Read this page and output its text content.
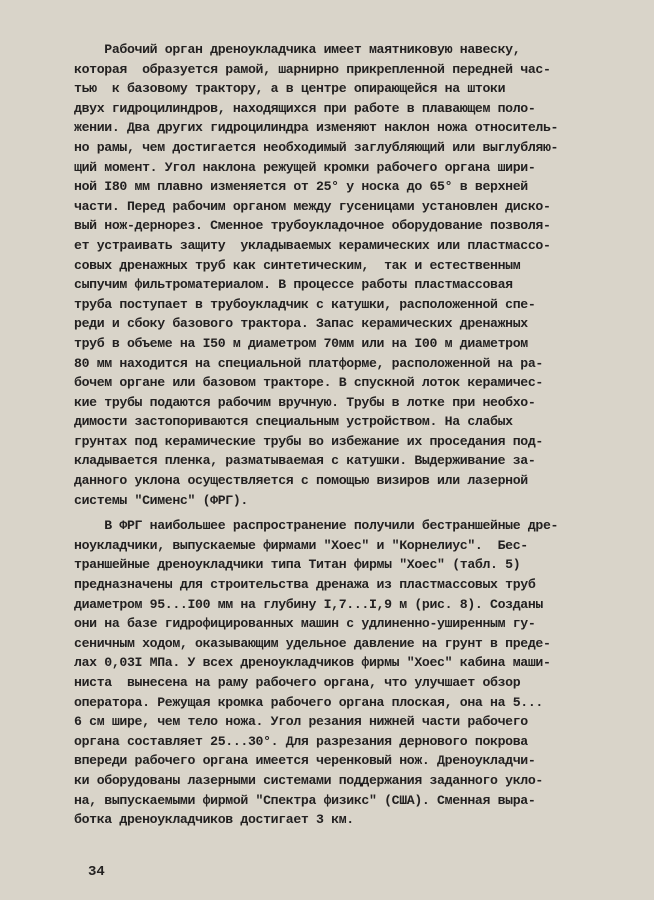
Рабочий орган дреноукладчика имеет маятниковую навеску,
которая  образуется рамой, шарнирно прикрепленной передней час-
тью  к базовому трактору, а в центре опирающейся на штоки
двух гидроцилиндров, находящихся при работе в плавающем поло-
жении. Два других гидроцилиндра изменяют наклон ножа относитель-
но рамы, чем достигается необходимый заглубляющий или выглубляю-
щий момент. Угол наклона режущей кромки рабочего органа шири-
ной I80 мм плавно изменяется от 25° у носка до 65° в верхней
части. Перед рабочим органом между гусеницами установлен диско-
вый нож-дернорез. Сменное трубоукладочное оборудование позволя-
ет устраивать защиту  укладываемых керамических или пластмассо-
совых дренажных труб как синтетическим,  так и естественным
сыпучим фильтроматериалом. В процессе работы пластмассовая
труба поступает в трубоукладчик с катушки, расположенной спе-
реди и сбоку базового трактора. Запас керамических дренажных
труб в объеме на I50 м диаметром 70мм или на I00 м диаметром
80 мм находится на специальной платформе, расположенной на ра-
бочем органе или базовом тракторе. В спускной лоток керамичес-
кие трубы подаются рабочим вручную. Трубы в лотке при необхо-
димости застопориваются специальным устройством. На слабых
грунтах под керамические трубы во избежание их проседания под-
кладывается пленка, разматываемая с катушки. Выдерживание за-
данного уклона осуществляется с помощью визиров или лазерной
системы "Сименс" (ФРГ).
В ФРГ наибольшее распространение получили бестраншейные дре-
ноукладчики, выпускаемые фирмами "Хоес" и "Корнелиус".  Бес-
траншейные дреноукладчики типа Титан фирмы "Хоес" (табл. 5)
предназначены для строительства дренажа из пластмассовых труб
диаметром 95...I00 мм на глубину I,7...I,9 м (рис. 8). Созданы
они на базе гидрофицированных машин с удлиненно-уширенным гу-
сеничным ходом, оказывающим удельное давление на грунт в преде-
лах 0,03I МПа. У всех дреноукладчиков фирмы "Хоес" кабина маши-
ниста  вынесена на раму рабочего органа, что улучшает обзор
оператора. Режущая кромка рабочего органа плоская, она на 5...
6 см шире, чем тело ножа. Угол резания нижней части рабочего
органа составляет 25...30°. Для разрезания дернового покрова
впереди рабочего органа имеется черенковый нож. Дреноукладчи-
ки оборудованы лазерными системами поддержания заданного укло-
на, выпускаемыми фирмой "Спектра физикс" (США). Сменная выра-
ботка дреноукладчиков достигает 3 км.
34
